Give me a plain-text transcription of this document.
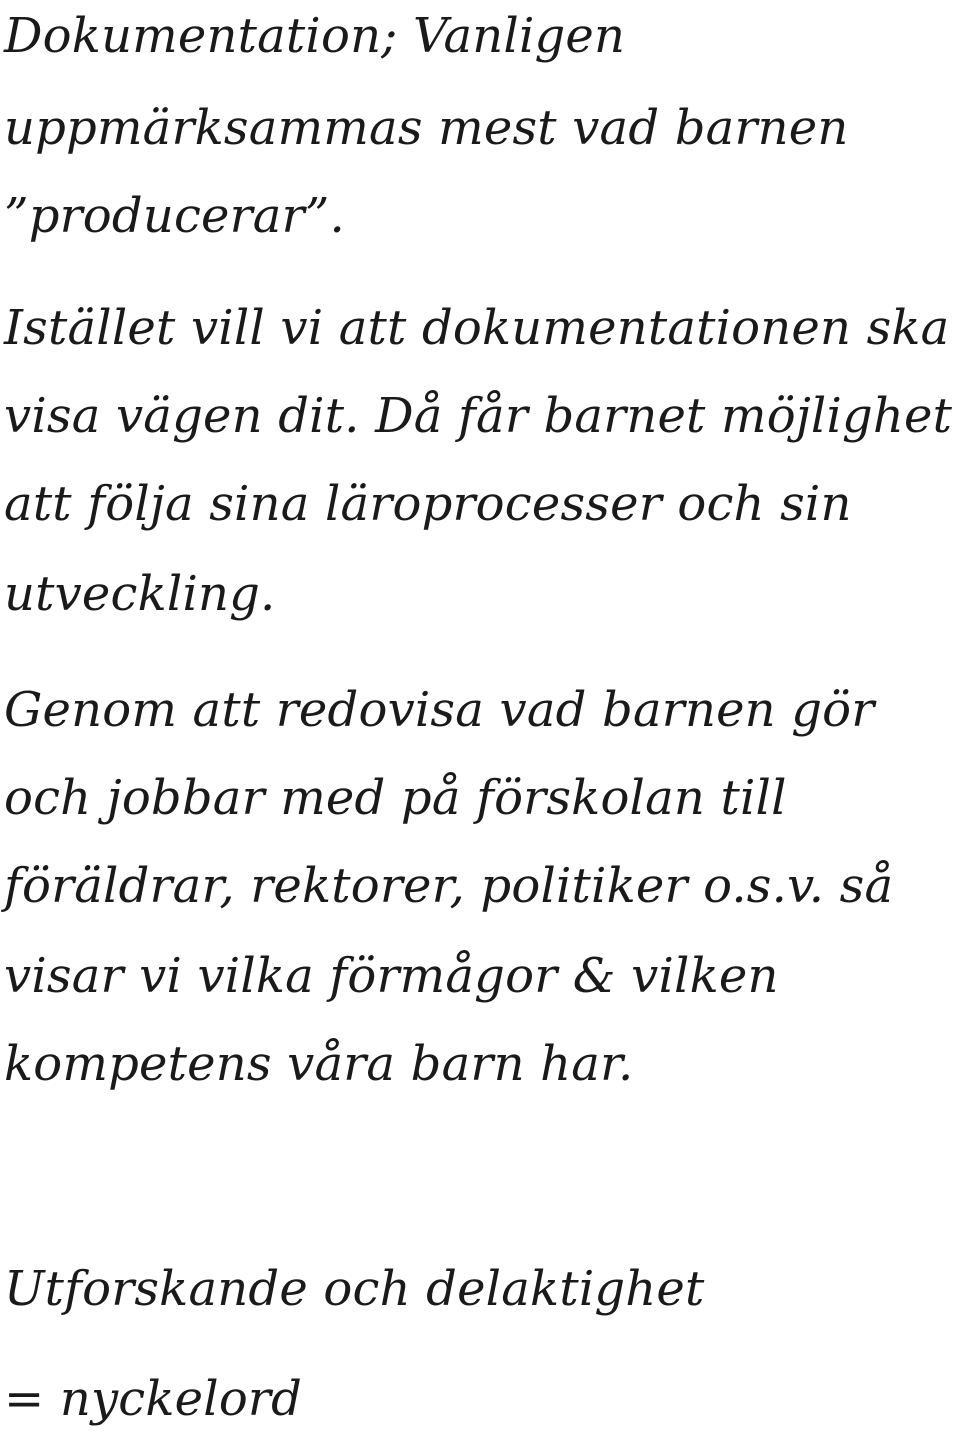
Dokumentation; Vanligen
uppmärksammas mest vad barnen
”producerar”.
Istället vill vi att dokumentationen ska
visa vägen dit. Då får barnet möjlighet
att följa sina läroprocesser och sin
utveckling.
Genom att redovisa vad barnen gör
och jobbar med på förskolan till
föräldrar, rektorer, politiker o.s.v. så
visar vi vilka förmågor & vilken
kompetens våra barn har.
Utforskande och delaktighet
= nyckelord
